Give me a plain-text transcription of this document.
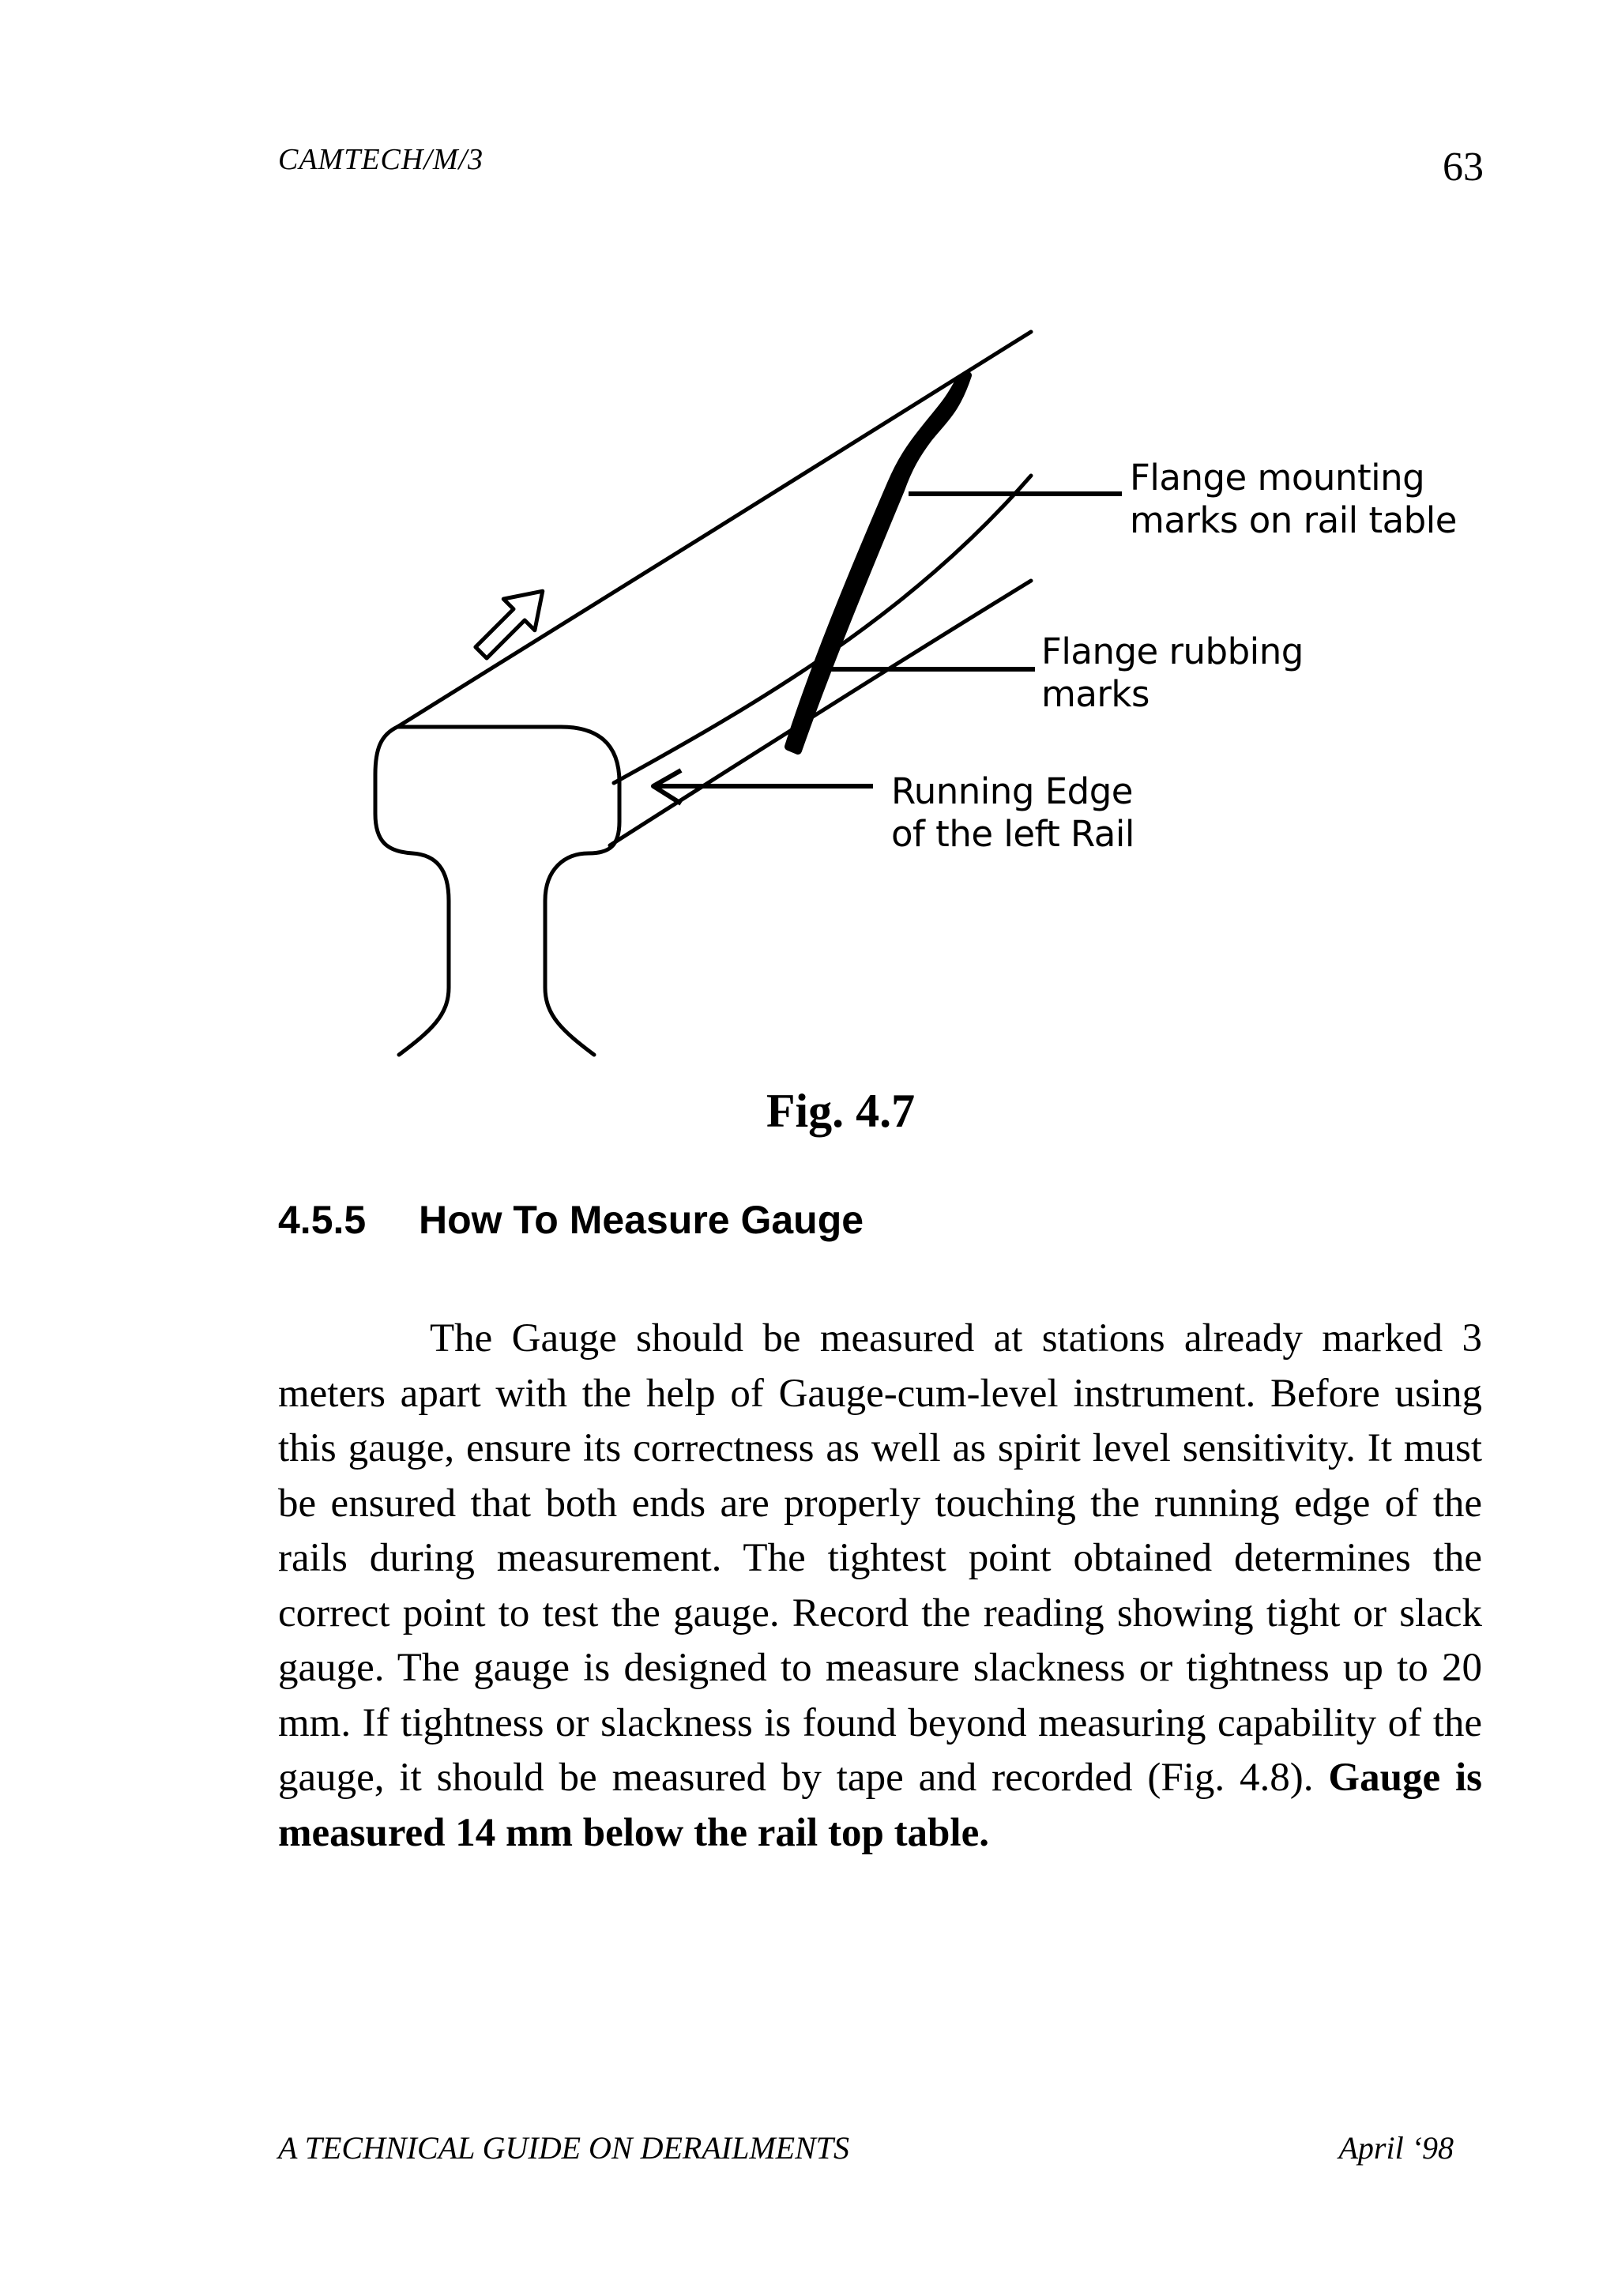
CAMTECH/M/3	63
Flange mounting
marks on rail table
Flange rubbing
marks
Running Edge
of the left Rail
Fig. 4.7
4.5.5 How To Measure Gauge
The Gauge should be measured at stations already marked 3 meters apart with the help of Gauge-cum-level instrument. Before using this gauge, ensure its correctness as well as spirit level sensitivity. It must be ensured that both ends are properly touching the running edge of the rails during measurement. The tightest point obtained determines the correct point to test the gauge. Record the reading showing tight or slack gauge. The gauge is designed to measure slackness or tightness up to 20 mm. If tightness or slackness is found beyond measuring capability of the gauge, it should be measured by tape and recorded (Fig. 4.8). Gauge is measured 14 mm below the rail top table.
A TECHNICAL GUIDE ON DERAILMENTS	April ‘98
